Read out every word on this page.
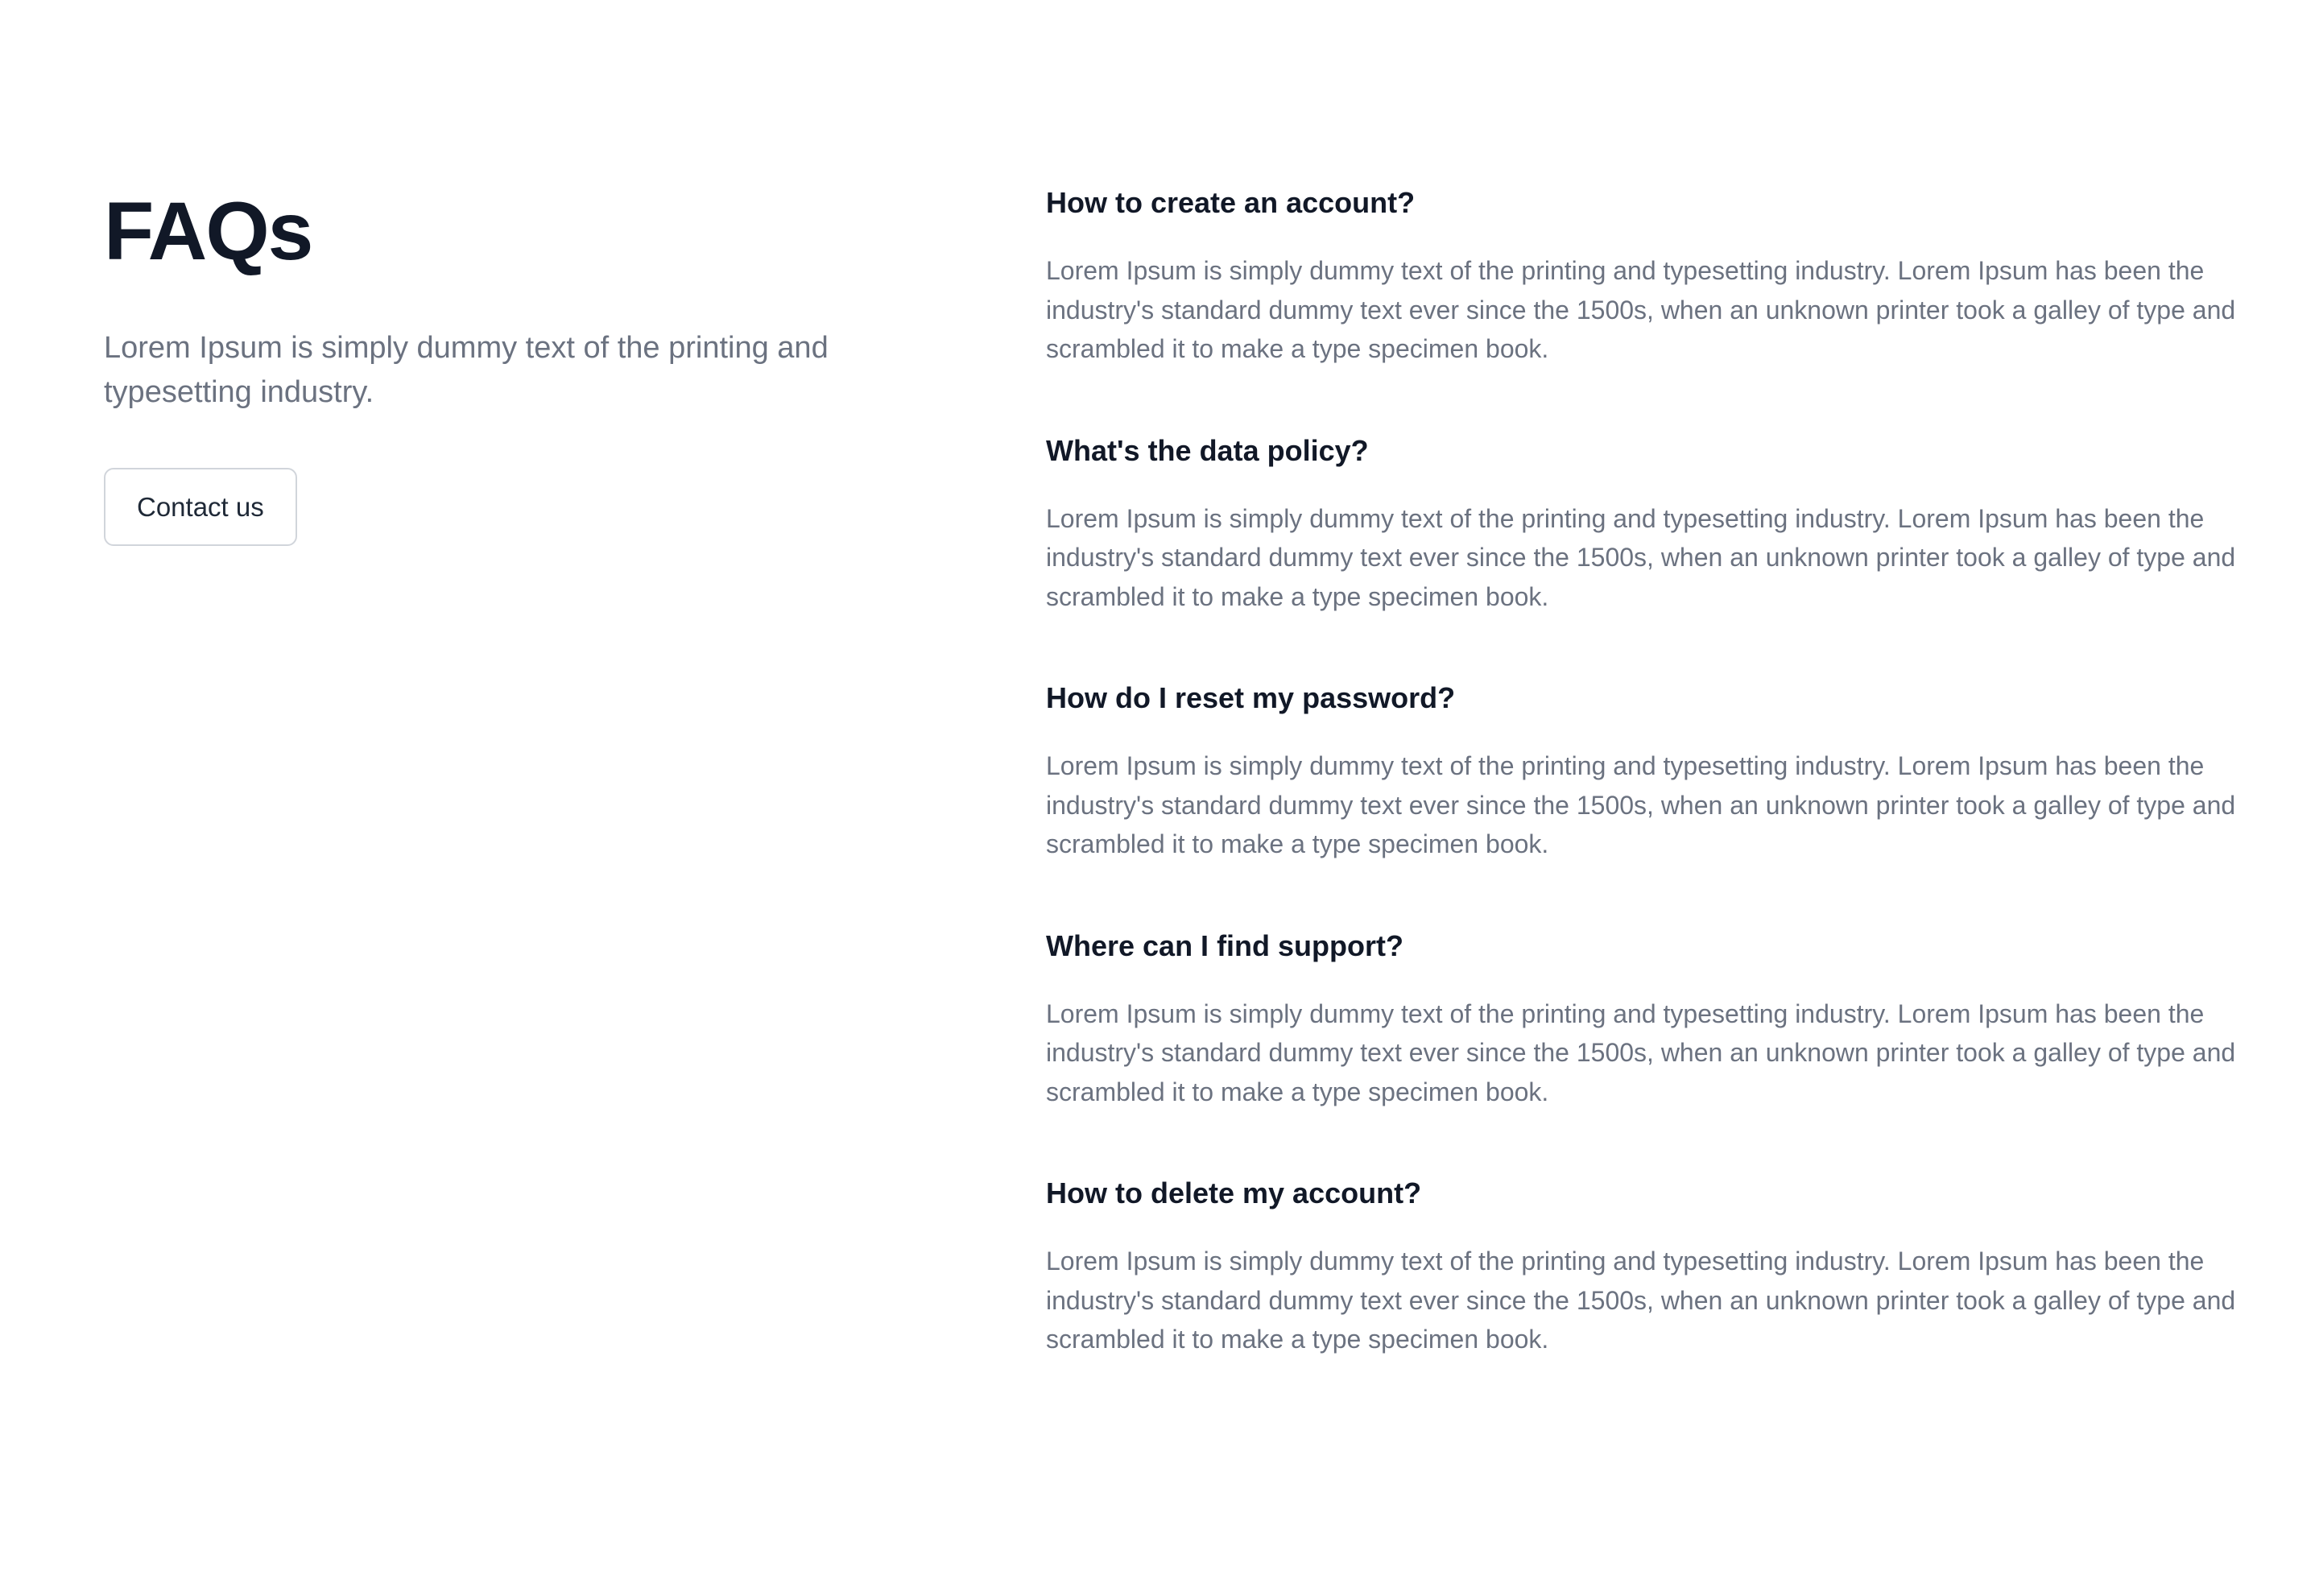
FAQs

Lorem Ipsum is simply dummy text of the printing and typesetting industry.

Contact us
How to create an account?

Lorem Ipsum is simply dummy text of the printing and typesetting industry. Lorem Ipsum has been the industry's standard dummy text ever since the 1500s, when an unknown printer took a galley of type and scrambled it to make a type specimen book.

What's the data policy?

Lorem Ipsum is simply dummy text of the printing and typesetting industry. Lorem Ipsum has been the industry's standard dummy text ever since the 1500s, when an unknown printer took a galley of type and scrambled it to make a type specimen book.

How do I reset my password?

Lorem Ipsum is simply dummy text of the printing and typesetting industry. Lorem Ipsum has been the industry's standard dummy text ever since the 1500s, when an unknown printer took a galley of type and scrambled it to make a type specimen book.

Where can I find support?

Lorem Ipsum is simply dummy text of the printing and typesetting industry. Lorem Ipsum has been the industry's standard dummy text ever since the 1500s, when an unknown printer took a galley of type and scrambled it to make a type specimen book.

How to delete my account?

Lorem Ipsum is simply dummy text of the printing and typesetting industry. Lorem Ipsum has been the industry's standard dummy text ever since the 1500s, when an unknown printer took a galley of type and scrambled it to make a type specimen book.
